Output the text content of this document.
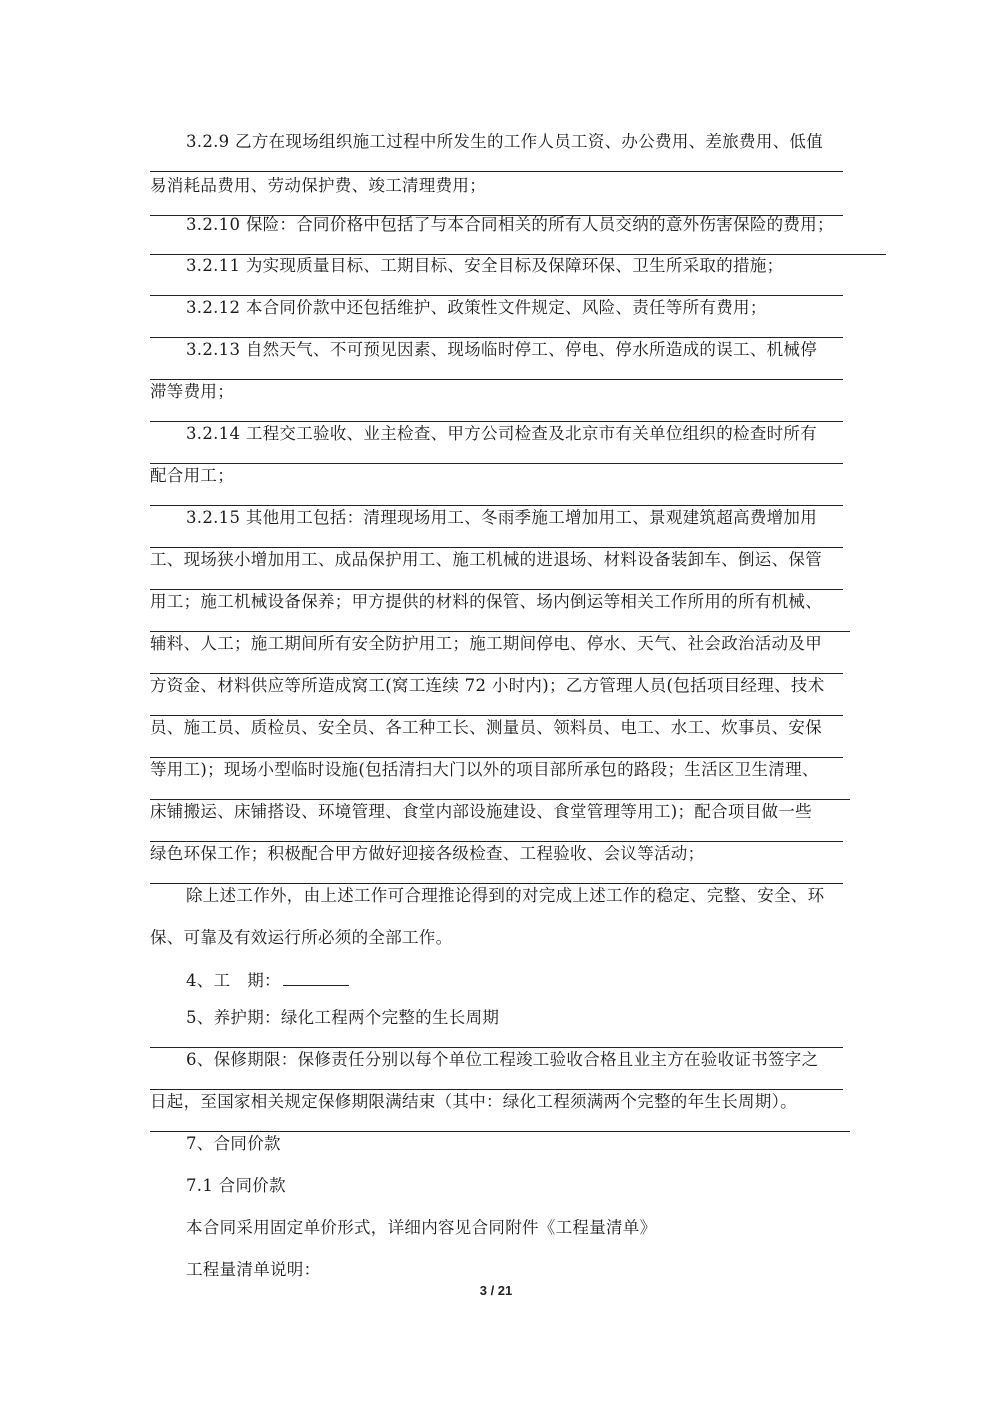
3.2.9 乙方在现场组织施工过程中所发生的工作人员工资、办公费用、差旅费用、低值
易消耗品费用、劳动保护费、竣工清理费用；
3.2.10 保险：合同价格中包括了与本合同相关的所有人员交纳的意外伤害保险的费用；
3.2.11 为实现质量目标、工期目标、安全目标及保障环保、卫生所采取的措施；
3.2.12 本合同价款中还包括维护、政策性文件规定、风险、责任等所有费用；
3.2.13 自然天气、不可预见因素、现场临时停工、停电、停水所造成的误工、机械停
滞等费用；
3.2.14 工程交工验收、业主检查、甲方公司检查及北京市有关单位组织的检查时所有
配合用工；
3.2.15 其他用工包括：清理现场用工、冬雨季施工增加用工、景观建筑超高费增加用
工、现场狭小增加用工、成品保护用工、施工机械的进退场、材料设备装卸车、倒运、保管
用工；施工机械设备保养；甲方提供的材料的保管、场内倒运等相关工作所用的所有机械、
辅料、人工；施工期间所有安全防护用工；施工期间停电、停水、天气、社会政治活动及甲
方资金、材料供应等所造成窝工(窝工连续 72 小时内)；乙方管理人员(包括项目经理、技术
员、施工员、质检员、安全员、各工种工长、测量员、领料员、电工、水工、炊事员、安保
等用工)；现场小型临时设施(包括清扫大门以外的项目部所承包的路段；生活区卫生清理、
床铺搬运、床铺搭设、环境管理、食堂内部设施建设、食堂管理等用工)；配合项目做一些
绿色环保工作；积极配合甲方做好迎接各级检查、工程验收、会议等活动；
除上述工作外，由上述工作可合理推论得到的对完成上述工作的稳定、完整、安全、环
保、可靠及有效运行所必须的全部工作。
4、工　期：
5、养护期：绿化工程两个完整的生长周期
6、保修期限：保修责任分别以每个单位工程竣工验收合格且业主方在验收证书签字之
日起，至国家相关规定保修期限满结束（其中：绿化工程须满两个完整的年生长周期）。
7、合同价款
7.1 合同价款
本合同采用固定单价形式，详细内容见合同附件《工程量清单》
工程量清单说明：
3 / 21
